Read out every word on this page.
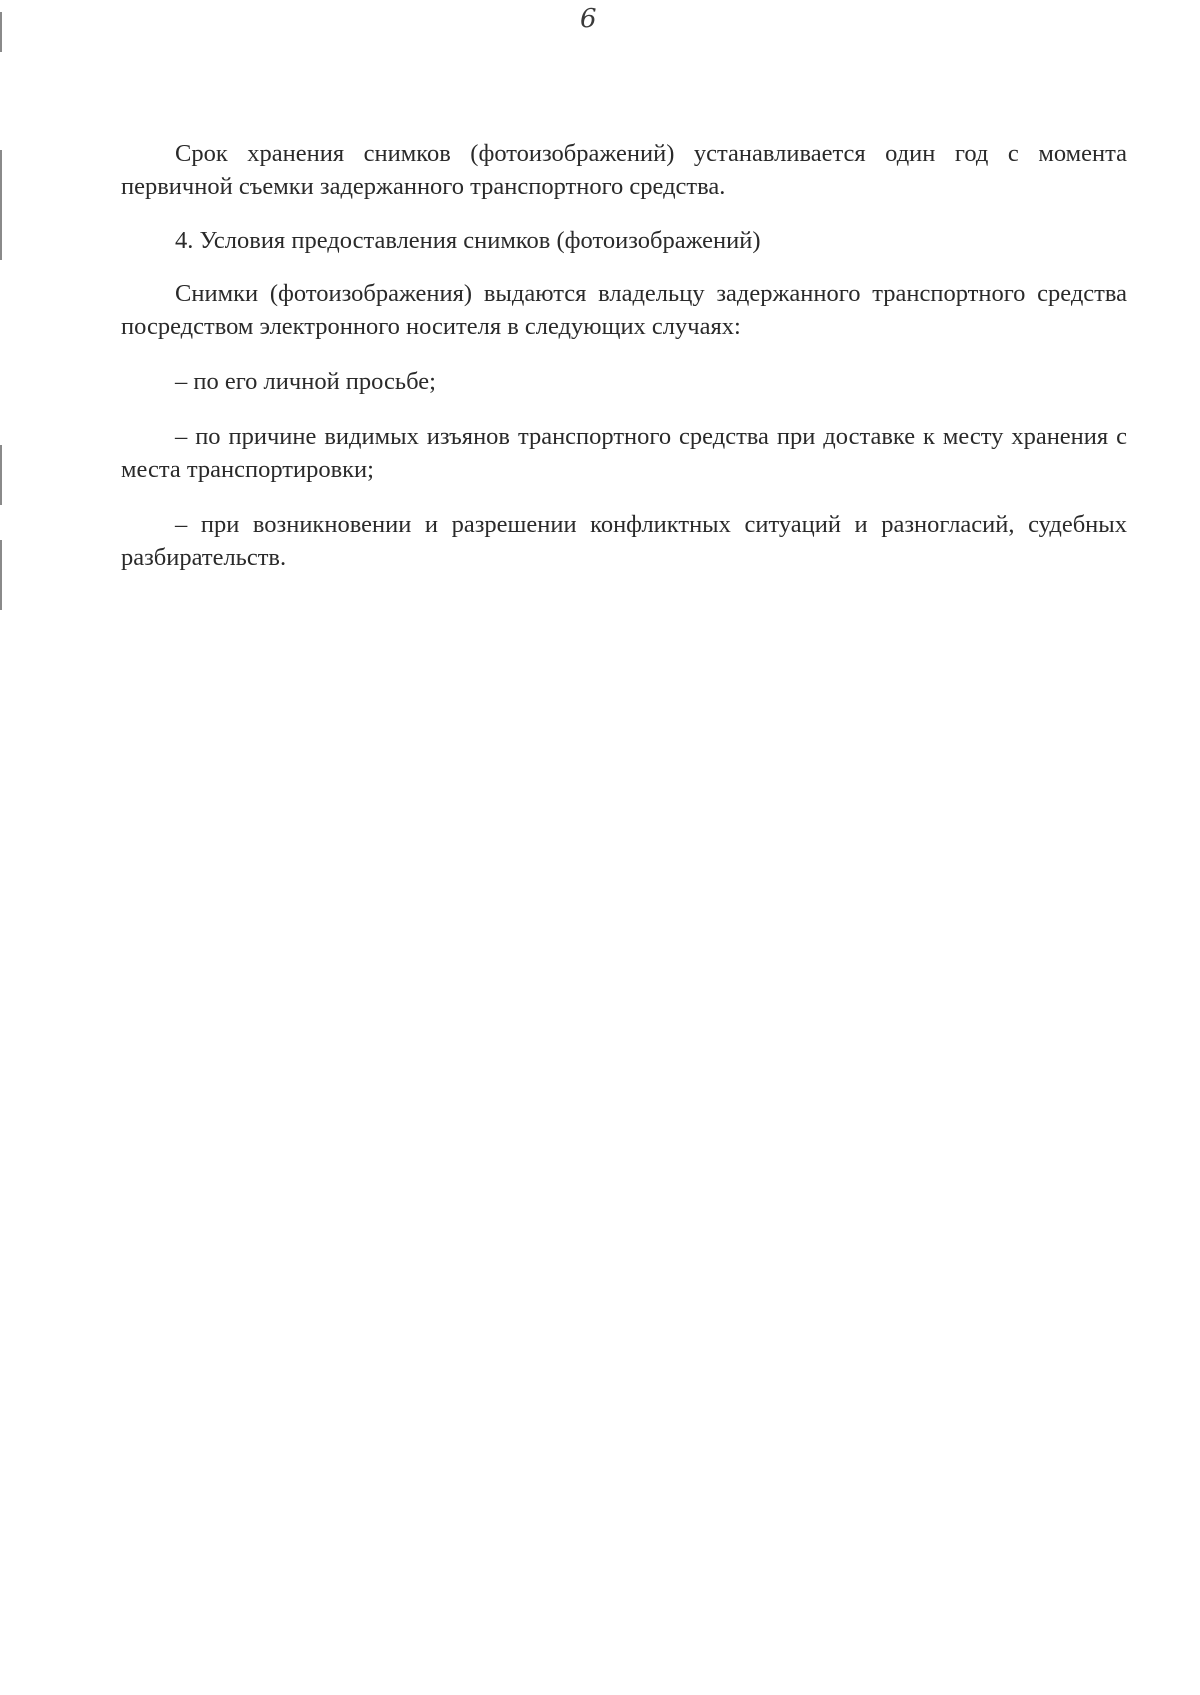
6

Срок хранения снимков (фотоизображений) устанавливается один год с момента первичной съемки задержанного транспортного средства.

4. Условия предоставления снимков (фотоизображений)

Снимки (фотоизображения) выдаются владельцу задержанного транспортного средства посредством электронного носителя в следующих случаях:

– по его личной просьбе;

– по причине видимых изъянов транспортного средства при доставке к месту хранения с места транспортировки;

– при возникновении и разрешении конфликтных ситуаций и разногласий, судебных разбирательств.
